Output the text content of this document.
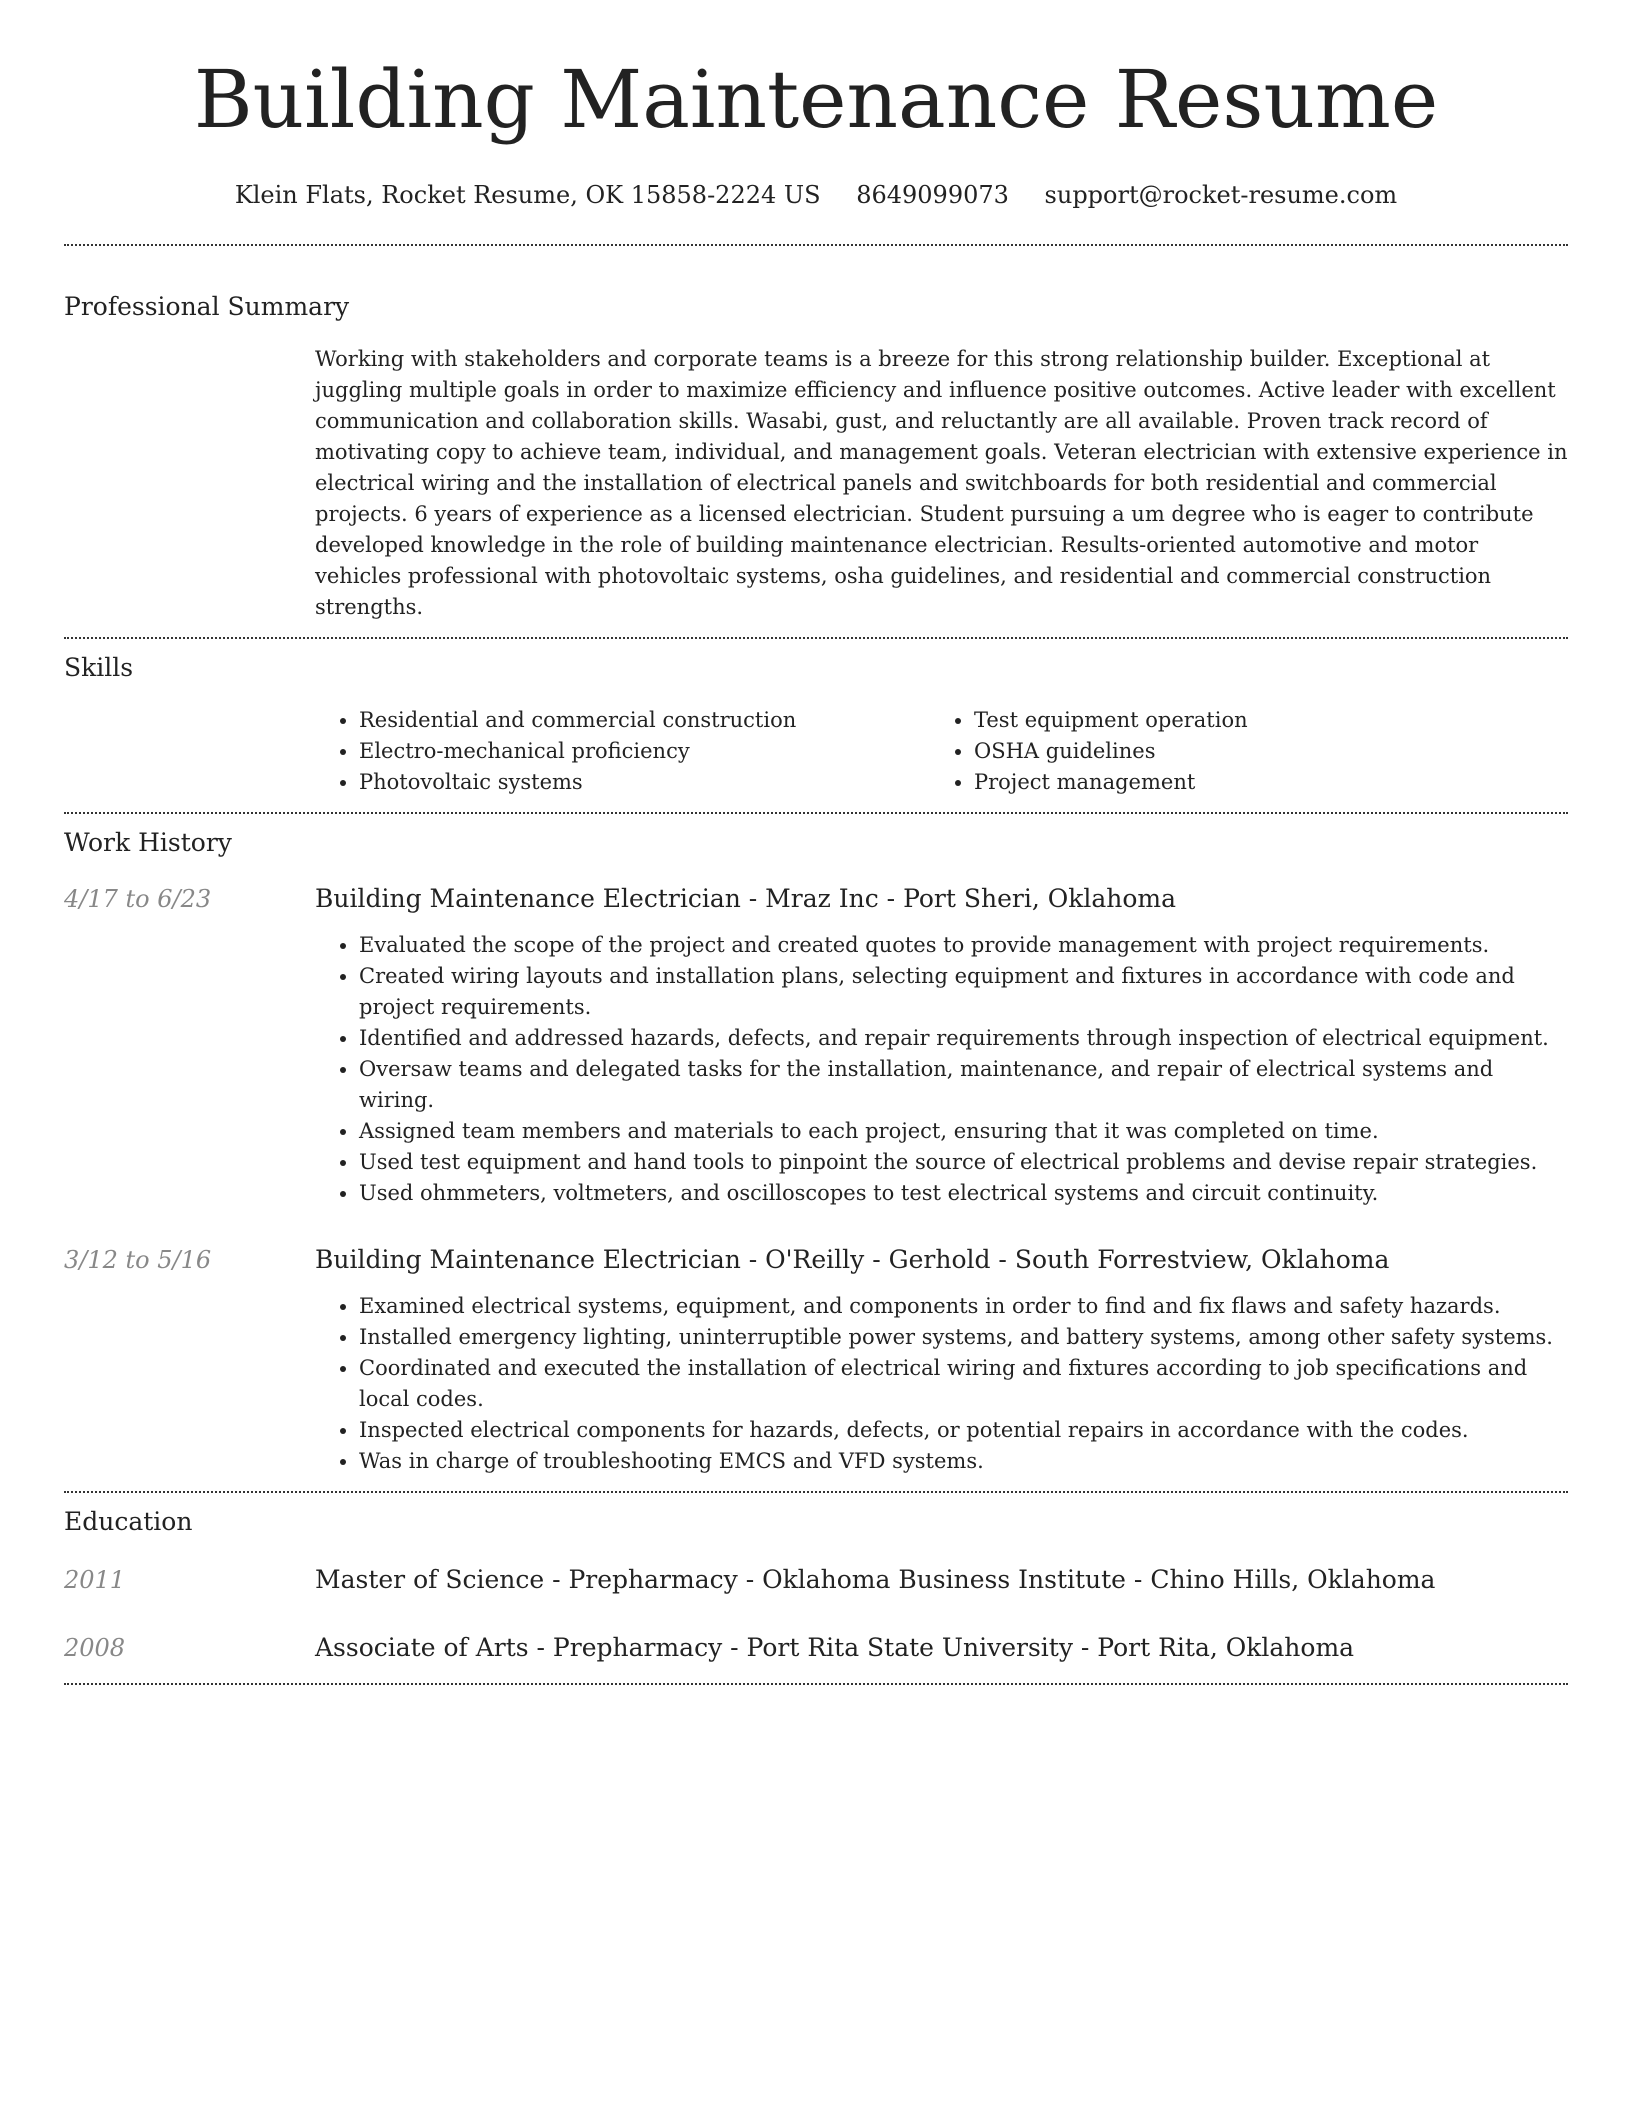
Building Maintenance Resume
Klein Flats, Rocket Resume, OK 15858-2224 US 8649099073 support@rocket-resume.com
Professional Summary

Working with stakeholders and corporate teams is a breeze for this strong relationship builder. Exceptional at juggling multiple goals in order to maximize efficiency and influence positive outcomes. Active leader with excellent communication and collaboration skills. Wasabi, gust, and reluctantly are all available. Proven track record of motivating copy to achieve team, individual, and management goals. Veteran electrician with extensive experience in electrical wiring and the installation of electrical panels and switchboards for both residential and commercial projects. 6 years of experience as a licensed electrician. Student pursuing a um degree who is eager to contribute developed knowledge in the role of building maintenance electrician. Results-oriented automotive and motor vehicles professional with photovoltaic systems, osha guidelines, and residential and commercial construction strengths.

Skills
• Residential and commercial construction
• Electro-mechanical proficiency
• Photovoltaic systems
• Test equipment operation
• OSHA guidelines
• Project management
Work History
4/17 to 6/23	Building Maintenance Electrician - Mraz Inc - Port Sheri, Oklahoma
• Evaluated the scope of the project and created quotes to provide management with project requirements.
• Created wiring layouts and installation plans, selecting equipment and fixtures in accordance with code and project requirements.
• Identified and addressed hazards, defects, and repair requirements through inspection of electrical equipment.
• Oversaw teams and delegated tasks for the installation, maintenance, and repair of electrical systems and wiring.
• Assigned team members and materials to each project, ensuring that it was completed on time.
• Used test equipment and hand tools to pinpoint the source of electrical problems and devise repair strategies.
• Used ohmmeters, voltmeters, and oscilloscopes to test electrical systems and circuit continuity.
3/12 to 5/16	Building Maintenance Electrician - O'Reilly - Gerhold - South Forrestview, Oklahoma
• Examined electrical systems, equipment, and components in order to find and fix flaws and safety hazards.
• Installed emergency lighting, uninterruptible power systems, and battery systems, among other safety systems.
• Coordinated and executed the installation of electrical wiring and fixtures according to job specifications and local codes.
• Inspected electrical components for hazards, defects, or potential repairs in accordance with the codes.
• Was in charge of troubleshooting EMCS and VFD systems.
Education
2011	Master of Science - Prepharmacy - Oklahoma Business Institute - Chino Hills, Oklahoma
2008	Associate of Arts - Prepharmacy - Port Rita State University - Port Rita, Oklahoma
